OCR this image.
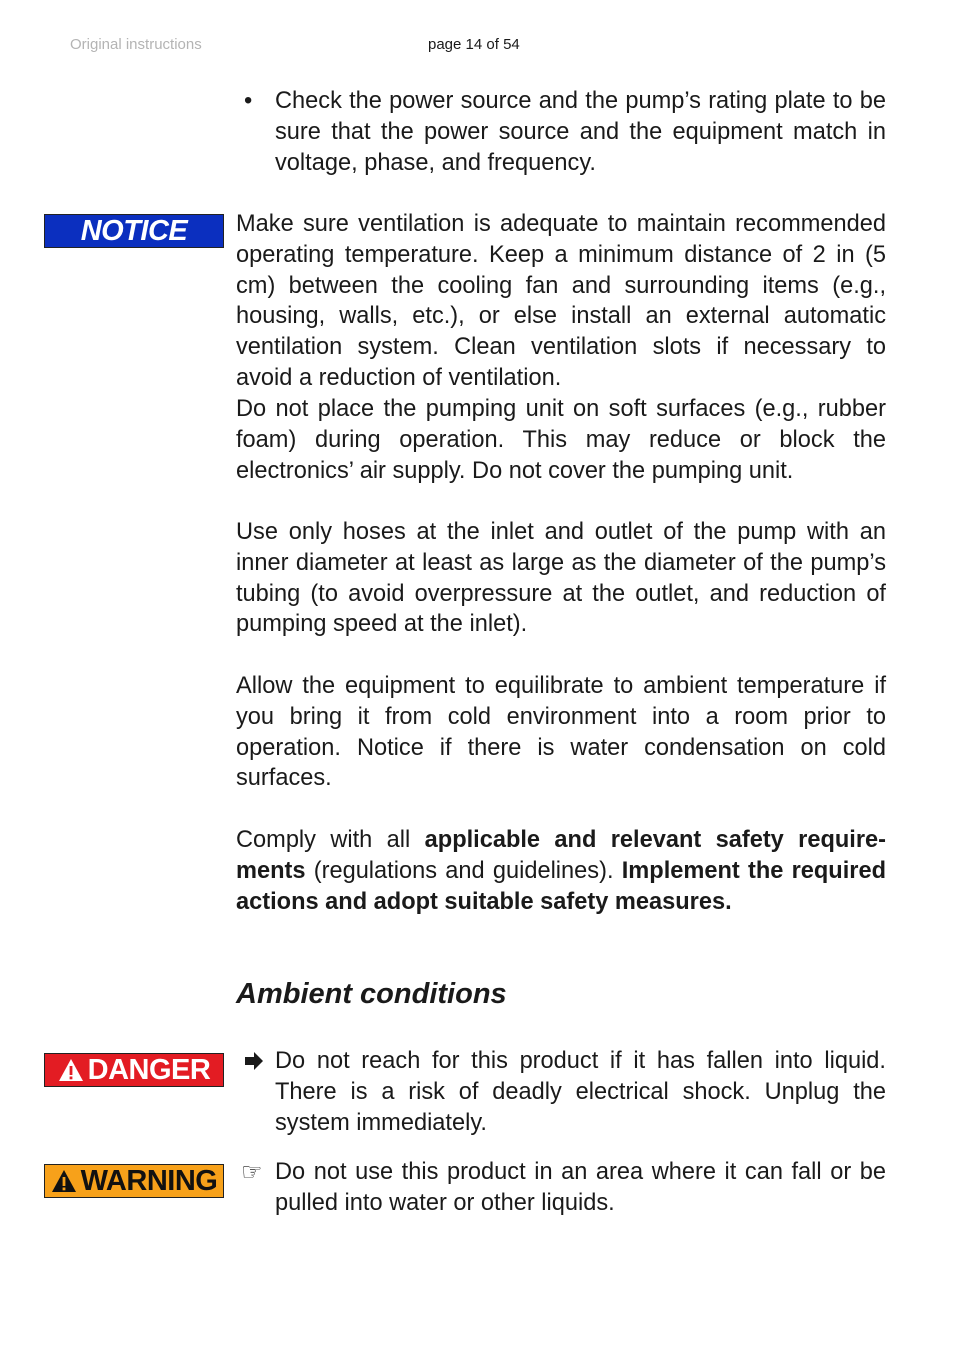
Original instructions	page 14 of 54
• Check the power source and the pump’s rating plate to be sure that the power source and the equipment match in voltage, phase, and frequency.

NOTICE Make sure ventilation is adequate to maintain recommended operating temperature. Keep a minimum distance of 2 in (5 cm) between the cooling fan and surrounding items (e.g., housing, walls, etc.), or else install an external automatic ventilation system. Clean ventilation slots if necessary to avoid a reduction of ventilation.

Do not place the pumping unit on soft surfaces (e.g., rubber foam) during operation. This may reduce or block the electronics’ air supply. Do not cover the pumping unit.

Use only hoses at the inlet and outlet of the pump with an inner diameter at least as large as the diameter of the pump’s tubing (to avoid overpressure at the outlet, and reduction of pumping speed at the inlet).

Allow the equipment to equilibrate to ambient temperature if you bring it from cold environment into a room prior to operation. Notice if there is water condensation on cold surfaces.

Comply with all applicable and relevant safety requirements (regulations and guidelines). Implement the required actions and adopt suitable safety measures.

Ambient conditions
DANGER	Do not reach for this product if it has fallen into liquid. There is a risk of deadly electrical shock. Unplug the system immediately.

WARNING ☞ Do not use this product in an area where it can fall or be pulled into water or other liquids.
